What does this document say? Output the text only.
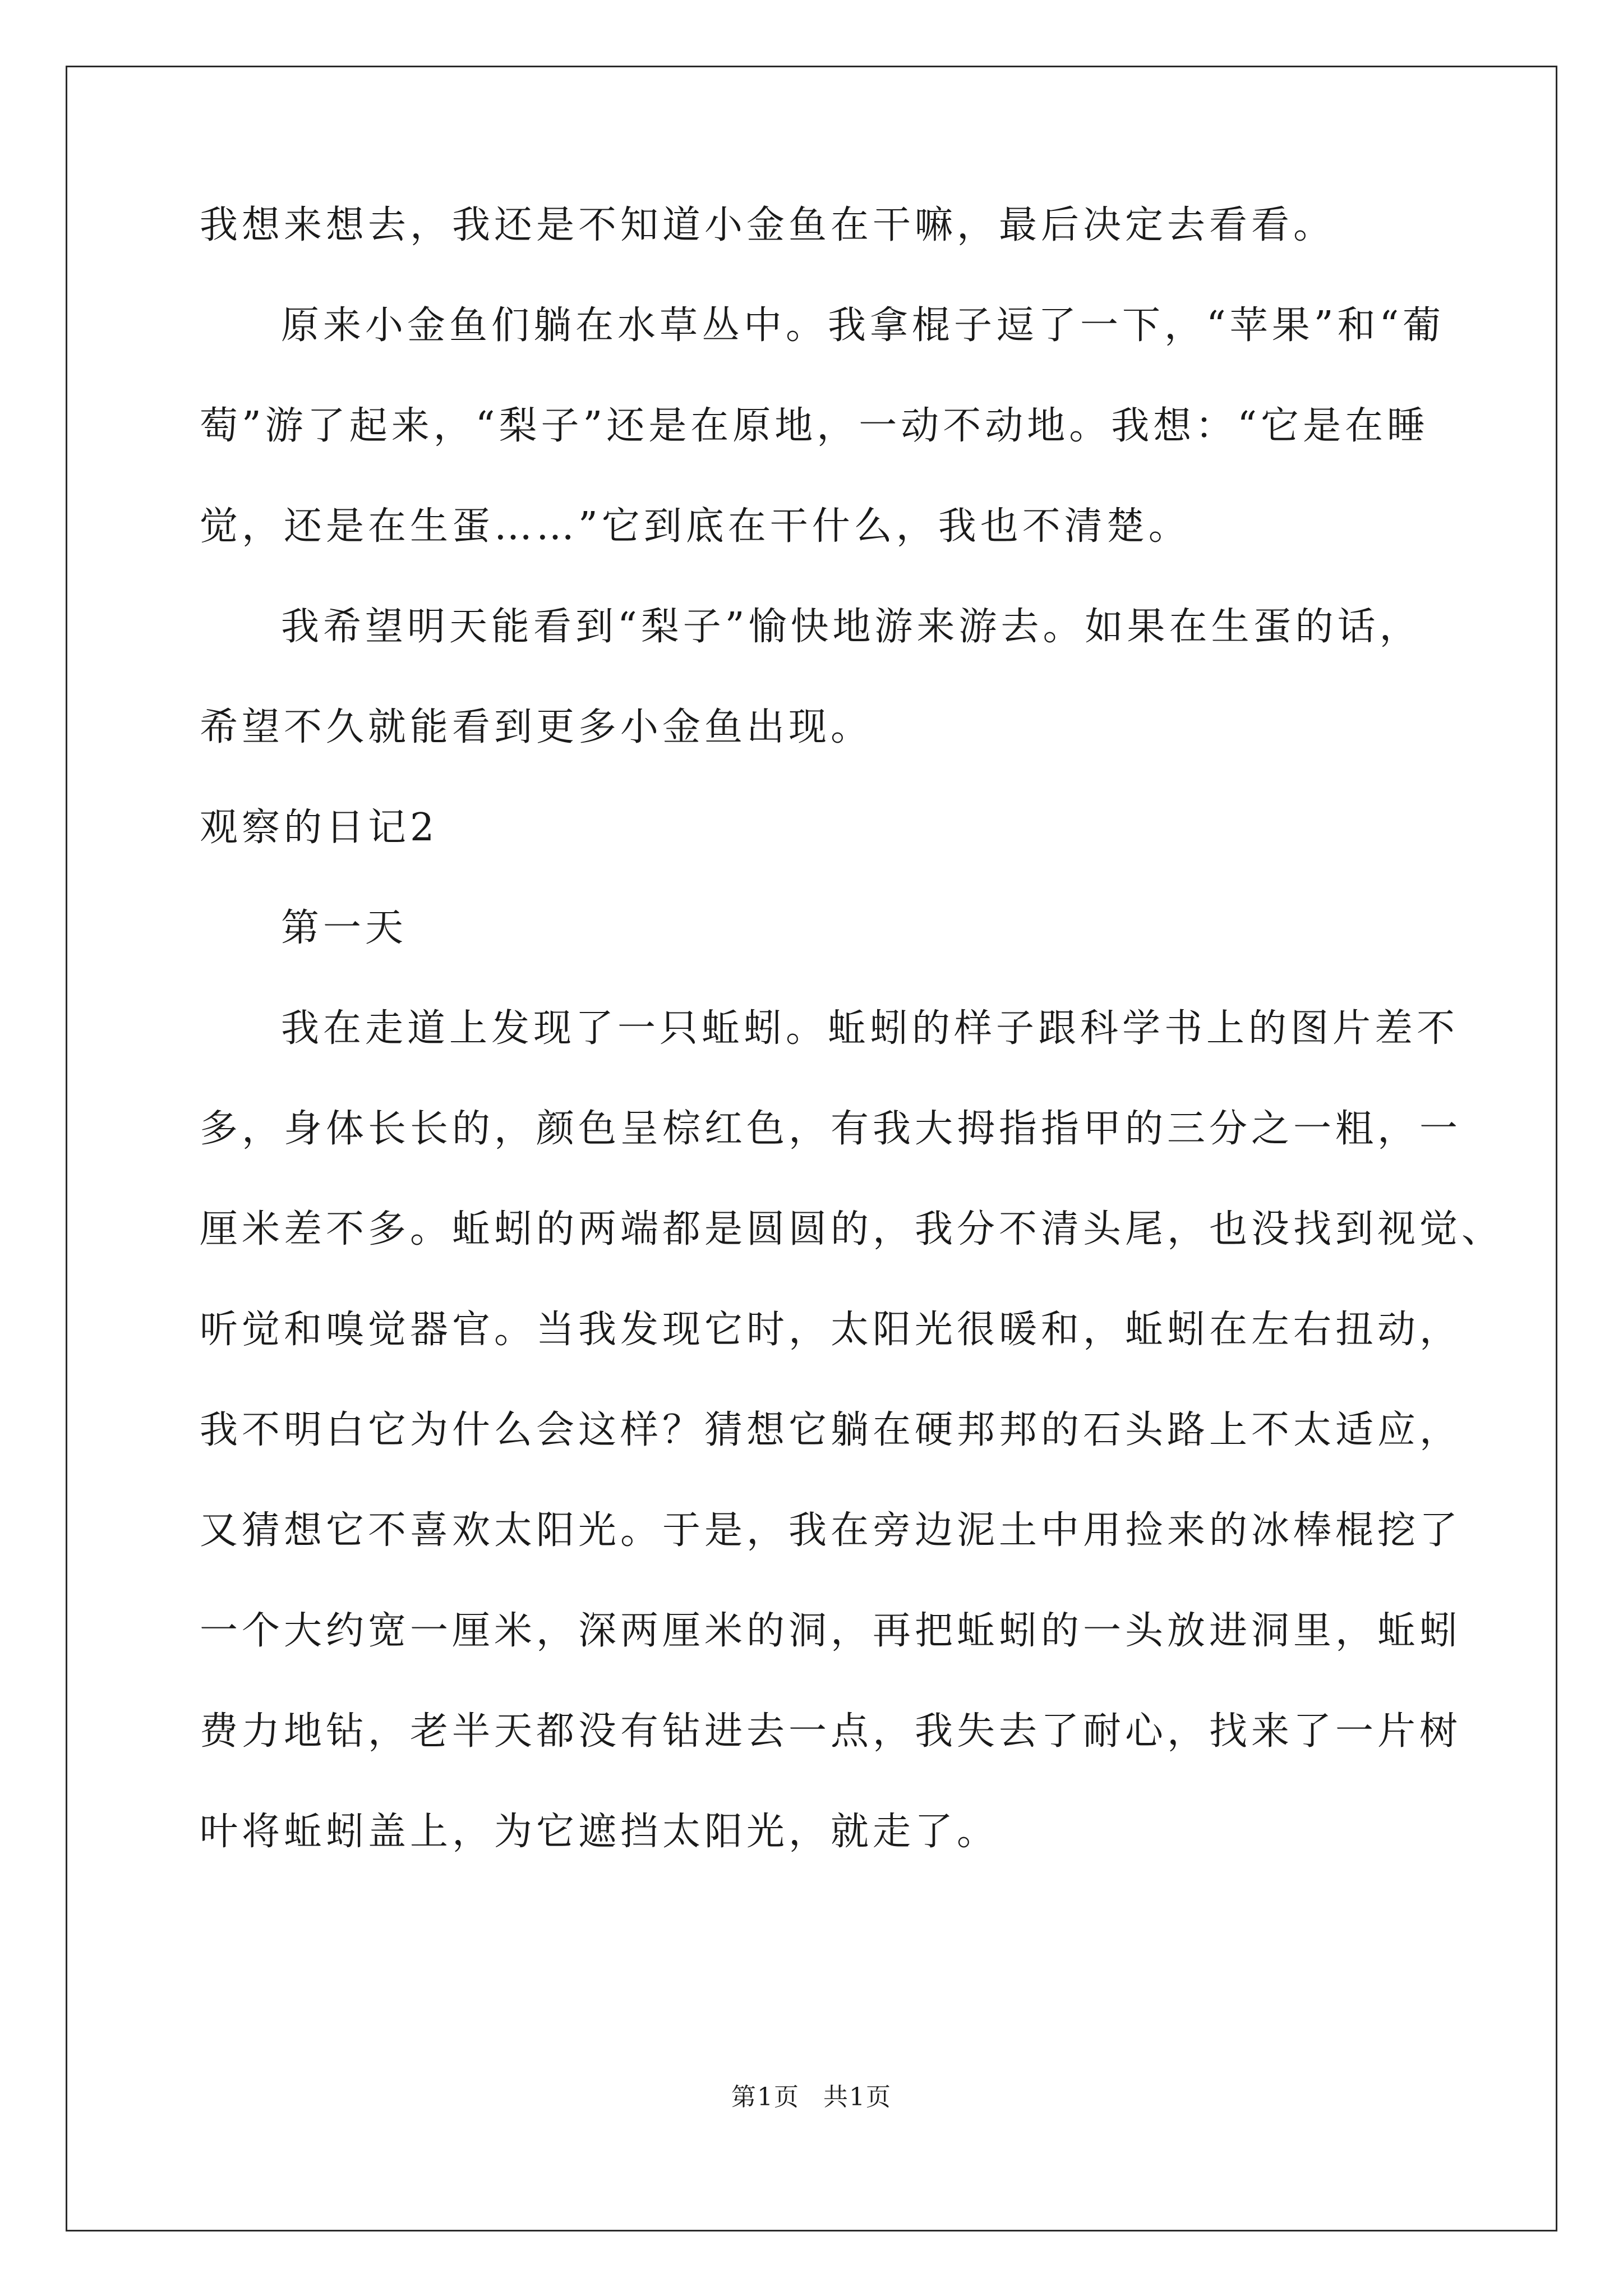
我想来想去，我还是不知道小金鱼在干嘛，最后决定去看看。
原来小金鱼们躺在水草丛中。我拿棍子逗了一下，“苹果”和“葡
萄”游了起来，“梨子”还是在原地，一动不动地。我想：“它是在睡
觉，还是在生蛋……”它到底在干什么，我也不清楚。
我希望明天能看到“梨子”愉快地游来游去。如果在生蛋的话，
希望不久就能看到更多小金鱼出现。
观察的日记2
第一天
我在走道上发现了一只蚯蚓。蚯蚓的样子跟科学书上的图片差不
多，身体长长的，颜色呈棕红色，有我大拇指指甲的三分之一粗，一
厘米差不多。蚯蚓的两端都是圆圆的，我分不清头尾，也没找到视觉、
听觉和嗅觉器官。当我发现它时，太阳光很暖和，蚯蚓在左右扭动，
我不明白它为什么会这样？猜想它躺在硬邦邦的石头路上不太适应，
又猜想它不喜欢太阳光。于是，我在旁边泥土中用捡来的冰棒棍挖了
一个大约宽一厘米，深两厘米的洞，再把蚯蚓的一头放进洞里，蚯蚓
费力地钻，老半天都没有钻进去一点，我失去了耐心，找来了一片树
叶将蚯蚓盖上，为它遮挡太阳光，就走了。
第1页 共1页
